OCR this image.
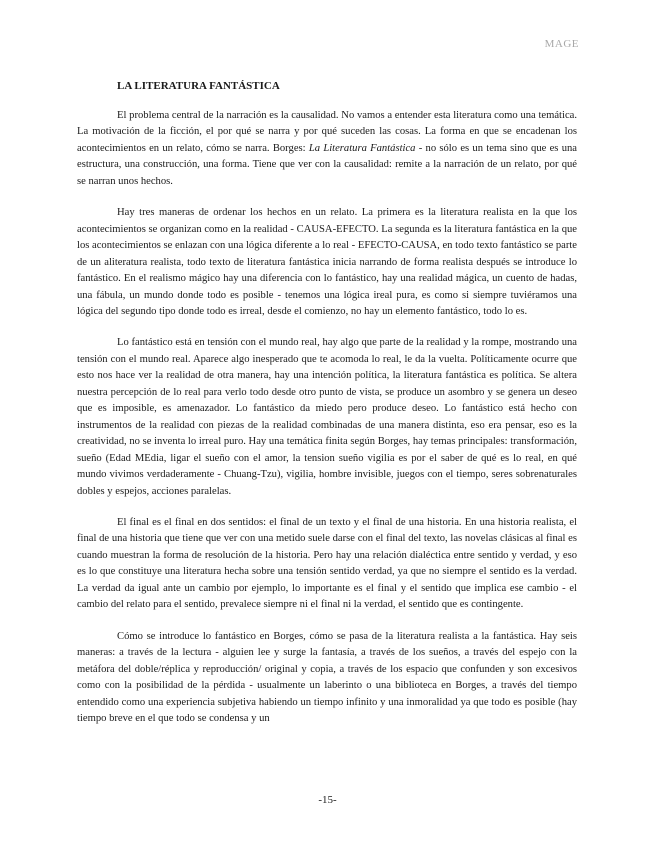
MAGE
LA LITERATURA FANTÁSTICA

El problema central de la narración es la causalidad. No vamos a entender esta literatura como una temática. La motivación de la ficción, el por qué se narra y por qué suceden las cosas. La forma en que se encadenan los acontecimientos en un relato, cómo se narra. Borges: La Literatura Fantástica - no sólo es un tema sino que es una estructura, una construcción, una forma. Tiene que ver con la causalidad: remite a la narración de un relato, por qué se narran unos hechos.

Hay tres maneras de ordenar los hechos en un relato. La primera es la literatura realista en la que los acontecimientos se organizan como en la realidad - CAUSA-EFECTO. La segunda es la literatura fantástica en la que los acontecimientos se enlazan con una lógica diferente a lo real - EFECTO-CAUSA, en todo texto fantástico se parte de un aliteratura realista, todo texto de literatura fantástica inicia narrando de forma realista después se introduce lo fantástico. En el realismo mágico hay una diferencia con lo fantástico, hay una realidad mágica, un cuento de hadas, una fábula, un mundo donde todo es posible - tenemos una lógica ireal pura, es como si siempre tuviéramos una lógica del segundo tipo donde todo es irreal, desde el comienzo, no hay un elemento fantástico, todo lo es.

Lo fantástico está en tensión con el mundo real, hay algo que parte de la realidad y la rompe, mostrando una tensión con el mundo real. Aparece algo inesperado que te acomoda lo real, le da la vuelta. Políticamente ocurre que esto nos hace ver la realidad de otra manera, hay una intención política, la literatura fantástica es política. Se altera nuestra percepción de lo real para verlo todo desde otro punto de vista, se produce un asombro y se genera un deseo que es imposible, es amenazador. Lo fantástico da miedo pero produce deseo. Lo fantástico está hecho con instrumentos de la realidad con piezas de la realidad combinadas de una manera distinta, eso era pensar, eso es la creatividad, no se inventa lo irreal puro. Hay una temática finita según Borges, hay temas principales: transformación, sueño (Edad MEdia, ligar el sueño con el amor, la tension sueño vigilia es por el saber de qué es lo real, en qué mundo vivimos verdaderamente - Chuang-Tzu), vigilia, hombre invisible, juegos con el tiempo, seres sobrenaturales dobles y espejos, acciones paralelas.

El final es el final en dos sentidos: el final de un texto y el final de una historia. En una historia realista, el final de una historia que tiene que ver con una metido suele darse con el final del texto, las novelas clásicas al final es cuando muestran la forma de resolución de la historia. Pero hay una relación dialéctica entre sentido y verdad, y eso es lo que constituye una literatura hecha sobre una tensión sentido verdad, ya que no siempre el sentido es la verdad. La verdad da igual ante un cambio por ejemplo, lo importante es el final y el sentido que implica ese cambio - el cambio del relato para el sentido, prevalece siempre ni el final ni la verdad, el sentido que es contingente.

Cómo se introduce lo fantástico en Borges, cómo se pasa de la literatura realista a la fantástica. Hay seis maneras: a través de la lectura - alguien lee y surge la fantasía, a través de los sueños, a través del espejo con la metáfora del doble/réplica y reproducción/ original y copia, a través de los espacio que confunden y son excesivos como con la posibilidad de la pérdida - usualmente un laberinto o una biblioteca en Borges, a través del tiempo entendido como una experiencia subjetiva habiendo un tiempo infinito y una inmoralidad ya que todo es posible (hay tiempo breve en el que todo se condensa y un

-15-
